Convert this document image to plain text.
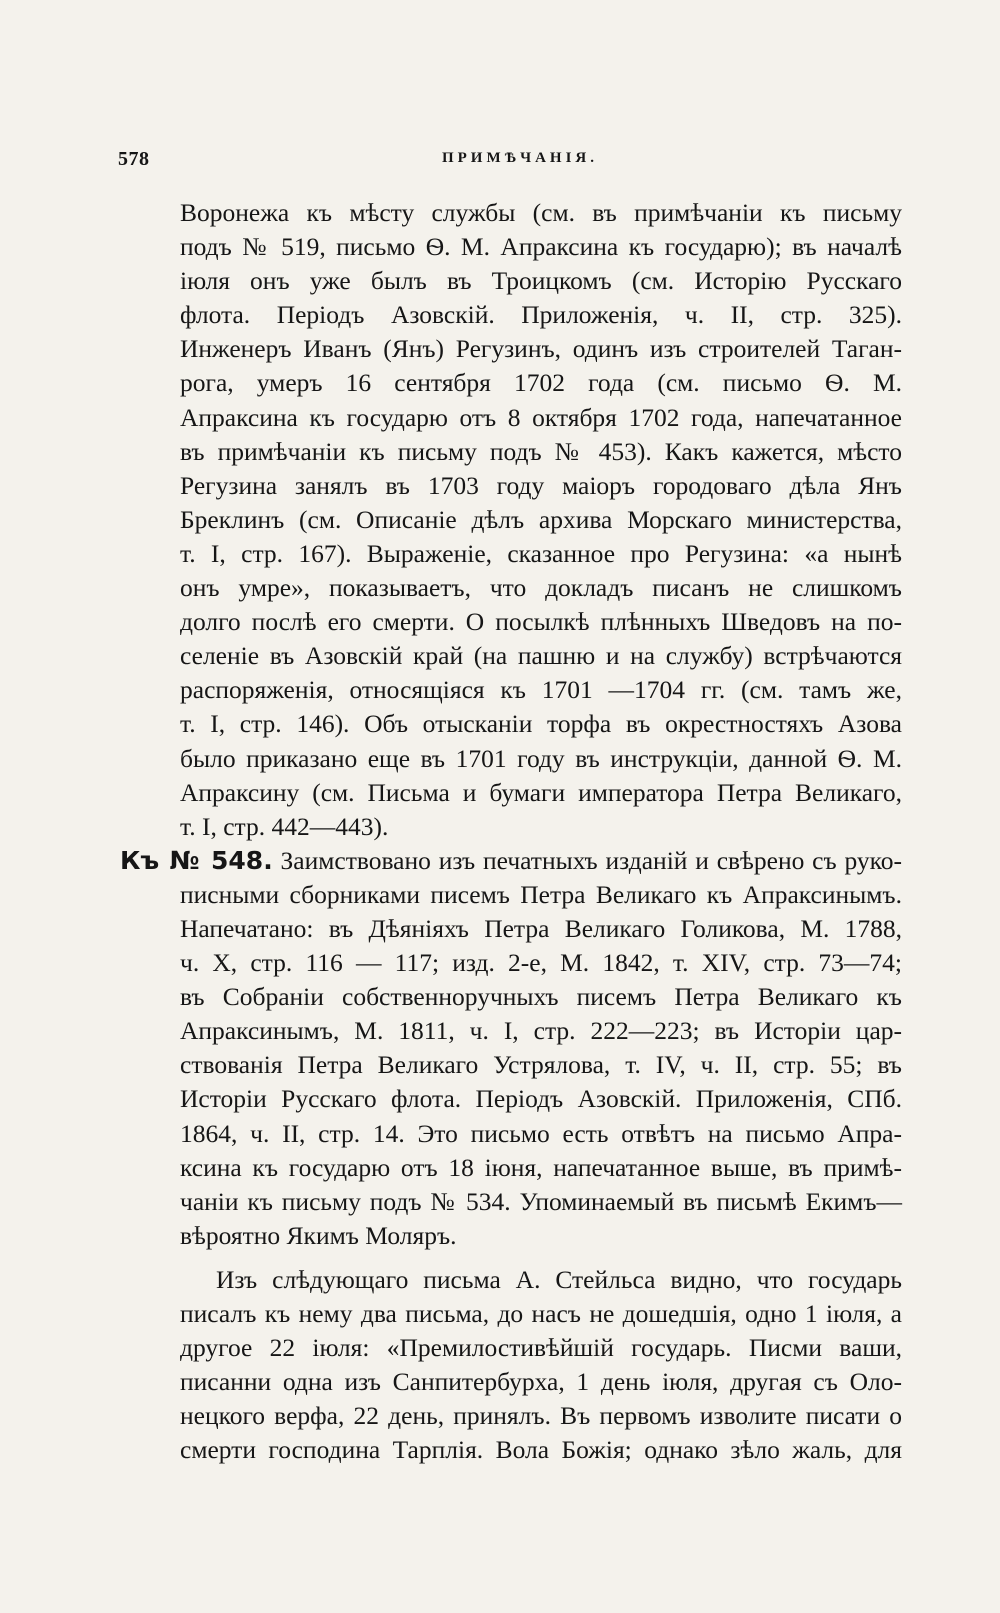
578	ПРИМѢЧАНІЯ.
Воронежа къ мѣсту службы (см. въ примѣчаніи къ письму
подъ № 519, письмо Ѳ. М. Апраксина къ государю); въ началѣ
іюля онъ уже былъ въ Троицкомъ (см. Исторію Русскаго
флота. Періодъ Азовскій. Приложенія, ч. II, стр. 325).
Инженеръ Иванъ (Янъ) Регузинъ, одинъ изъ строителей Таган-
рога, умеръ 16 сентября 1702 года (см. письмо Ѳ. М.
Апраксина къ государю отъ 8 октября 1702 года, напечатанное
въ примѣчаніи къ письму подъ № 453). Какъ кажется, мѣсто
Регузина занялъ въ 1703 году маіоръ городоваго дѣла Янъ
Бреклинъ (см. Описаніе дѣлъ архива Морскаго министерства,
т. I, стр. 167). Выраженіе, сказанное про Регузина: «а нынѣ
онъ умре», показываетъ, что докладъ писанъ не слишкомъ
долго послѣ его смерти. О посылкѣ плѣнныхъ Шведовъ на по-
селеніе въ Азовскій край (на пашню и на службу) встрѣчаются
распоряженія, относящіяся къ 1701 —1704 гг. (см. тамъ же,
т. I, стр. 146). Объ отысканіи торфа въ окрестностяхъ Азова
было приказано еще въ 1701 году въ инструкціи, данной Ѳ. М.
Апраксину (см. Письма и бумаги императора Петра Великаго,
т. I, стр. 442—443).
Къ № 548. Заимствовано изъ печатныхъ изданій и свѣрено съ руко-
писными сборниками писемъ Петра Великаго къ Апраксинымъ.
Напечатано: въ Дѣяніяхъ Петра Великаго Голикова, М. 1788,
ч. X, стр. 116 — 117; изд. 2-е, М. 1842, т. XIV, стр. 73—74;
въ Собраніи собственноручныхъ писемъ Петра Великаго къ
Апраксинымъ, М. 1811, ч. I, стр. 222—223; въ Исторіи цар-
ствованія Петра Великаго Устрялова, т. IV, ч. II, стр. 55; въ
Исторіи Русскаго флота. Періодъ Азовскій. Приложенія, СПб.
1864, ч. II, стр. 14. Это письмо есть отвѣтъ на письмо Апра-
ксина къ государю отъ 18 іюня, напечатанное выше, въ примѣ-
чаніи къ письму подъ № 534. Упоминаемый въ письмѣ Екимъ—
вѣроятно Якимъ Моляръ.
Изъ слѣдующаго письма А. Стейльса видно, что государь
писалъ къ нему два письма, до насъ не дошедшія, одно 1 іюля, а
другое 22 іюля: «Премилостивѣйшій государь. Писми ваши,
писанни одна изъ Санпитербурха, 1 день іюля, другая съ Оло-
нецкого верфа, 22 день, принялъ. Въ первомъ изволите писати о
смерти господина Тарплія. Вола Божія; однако зѣло жаль, для
